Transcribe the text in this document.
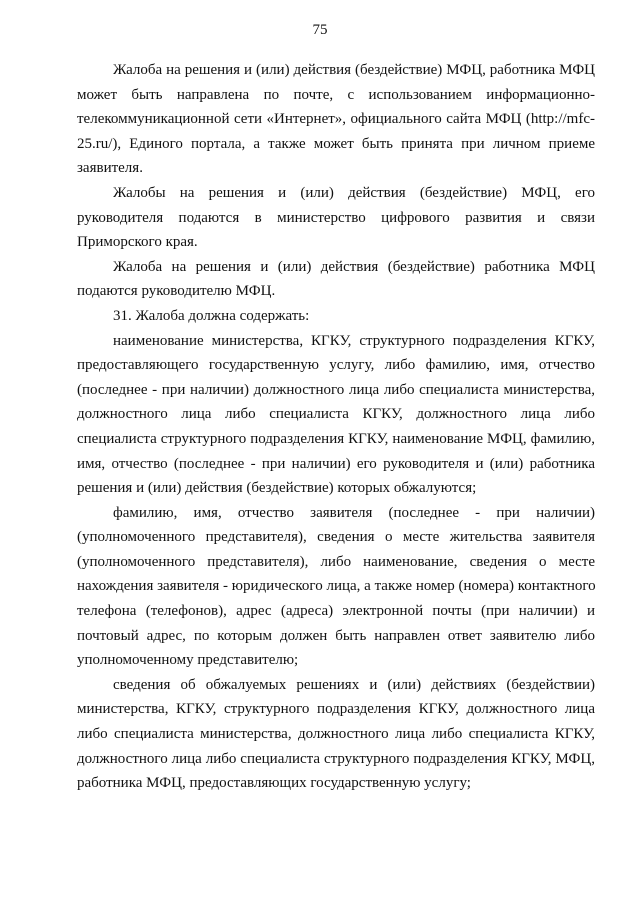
75
Жалоба на решения и (или) действия (бездействие) МФЦ, работника МФЦ
может быть направлена по почте, с использованием информационно-
телекоммуникационной сети «Интернет», официального сайта МФЦ (http://mfc-
25.ru/), Единого портала, а также может быть принята при личном приеме
заявителя.
Жалобы на решения и (или) действия (бездействие) МФЦ, его
руководителя подаются в министерство цифрового развития и связи
Приморского края.
Жалоба на решения и (или) действия (бездействие) работника МФЦ
подаются руководителю МФЦ.
31. Жалоба должна содержать:
наименование министерства, КГКУ, структурного подразделения КГКУ,
предоставляющего государственную услугу, либо фамилию, имя, отчество
(последнее - при наличии) должностного лица либо специалиста министерства,
должностного лица либо специалиста КГКУ, должностного лица либо
специалиста структурного подразделения КГКУ, наименование МФЦ, фамилию,
имя, отчество (последнее - при наличии) его руководителя и (или) работника
решения и (или) действия (бездействие) которых обжалуются;
фамилию, имя, отчество заявителя (последнее - при наличии)
(уполномоченного представителя), сведения о месте жительства заявителя
(уполномоченного представителя), либо наименование, сведения о месте
нахождения заявителя - юридического лица, а также номер (номера) контактного
телефона (телефонов), адрес (адреса) электронной почты (при наличии) и
почтовый адрес, по которым должен быть направлен ответ заявителю либо
уполномоченному представителю;
сведения об обжалуемых решениях и (или) действиях (бездействии)
министерства, КГКУ, структурного подразделения КГКУ, должностного лица
либо специалиста министерства, должностного лица либо специалиста КГКУ,
должностного лица либо специалиста структурного подразделения КГКУ, МФЦ,
работника МФЦ, предоставляющих государственную услугу;
